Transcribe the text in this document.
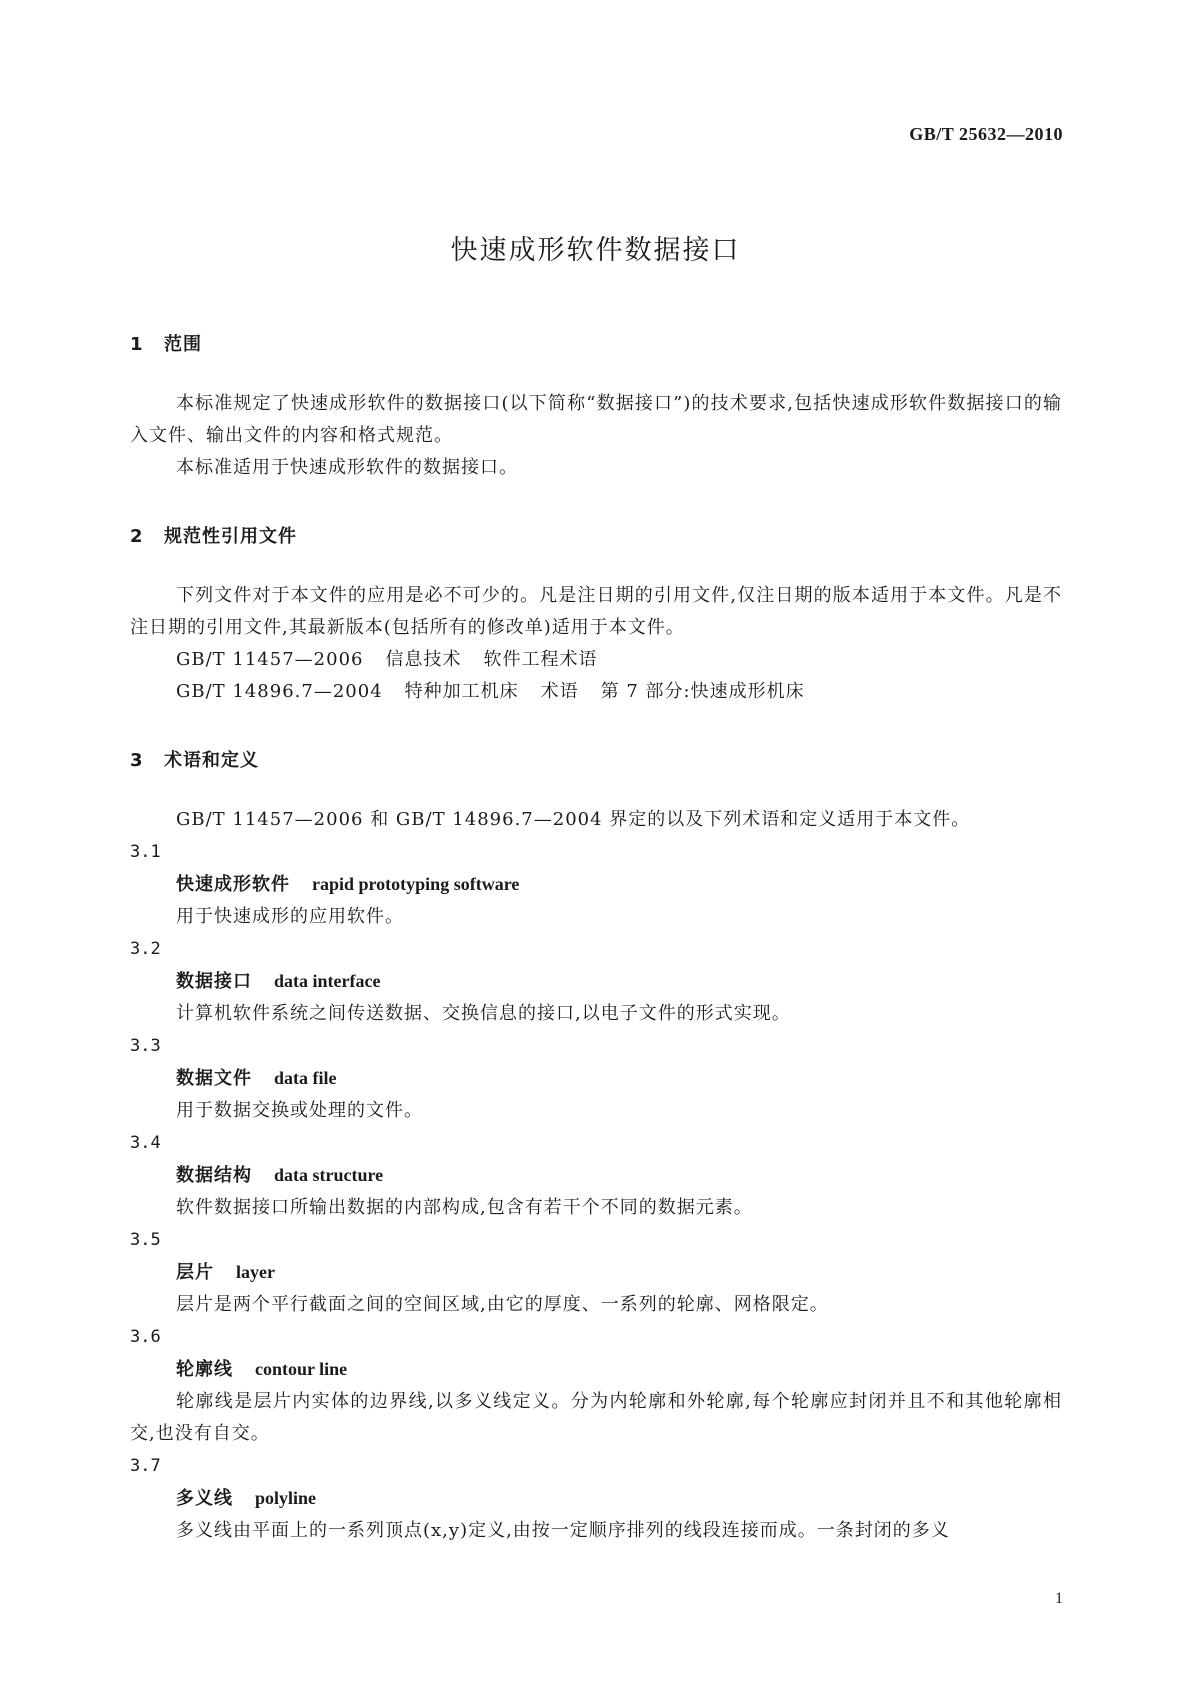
GB/T 25632—2010
快速成形软件数据接口
1 范围

本标准规定了快速成形软件的数据接口(以下简称“数据接口”)的技术要求,包括快速成形软件数据接口的输入文件、输出文件的内容和格式规范。

本标准适用于快速成形软件的数据接口。

2 规范性引用文件

下列文件对于本文件的应用是必不可少的。凡是注日期的引用文件,仅注日期的版本适用于本文件。凡是不注日期的引用文件,其最新版本(包括所有的修改单)适用于本文件。

GB/T 11457—2006 信息技术 软件工程术语

GB/T 14896.7—2004 特种加工机床 术语 第 7 部分:快速成形机床

3 术语和定义

GB/T 11457—2006 和 GB/T 14896.7—2004 界定的以及下列术语和定义适用于本文件。

3.1

快速成形软件 rapid prototyping software

用于快速成形的应用软件。

3.2

数据接口 data interface

计算机软件系统之间传送数据、交换信息的接口,以电子文件的形式实现。

3.3

数据文件 data file

用于数据交换或处理的文件。

3.4

数据结构 data structure

软件数据接口所输出数据的内部构成,包含有若干个不同的数据元素。

3.5

层片 layer

层片是两个平行截面之间的空间区域,由它的厚度、一系列的轮廓、网格限定。

3.6

轮廓线 contour line

轮廓线是层片内实体的边界线,以多义线定义。分为内轮廓和外轮廓,每个轮廓应封闭并且不和其他轮廓相交,也没有自交。

3.7

多义线 polyline

多义线由平面上的一系列顶点(x,y)定义,由按一定顺序排列的线段连接而成。一条封闭的多义

1
